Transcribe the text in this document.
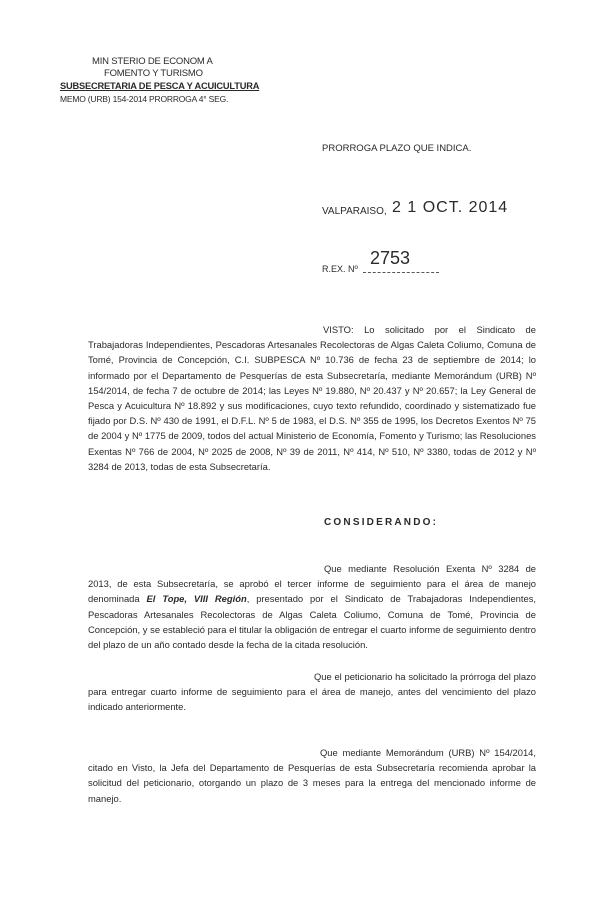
MIN STERIO DE ECONOM A
FOMENTO Y TURISMO
SUBSECRETARIA DE PESCA Y ACUICULTURA
MEMO (URB) 154-2014 PRORROGA 4° SEG.
PRORROGA PLAZO QUE INDICA.
VALPARAISO, 2 1 OCT. 2014
R.EX. Nº
2753
VISTO: Lo solicitado por el Sindicato de Trabajadoras Independientes, Pescadoras Artesanales Recolectoras de Algas Caleta Coliumo, Comuna de Tomé, Provincia de Concepción, C.I. SUBPESCA Nº 10.736 de fecha 23 de septiembre de 2014; lo informado por el Departamento de Pesquerías de esta Subsecretaría, mediante Memorándum (URB) Nº 154/2014, de fecha 7 de octubre de 2014; las Leyes Nº 19.880, Nº 20.437 y Nº 20.657; la Ley General de Pesca y Acuicultura Nº 18.892 y sus modificaciones, cuyo texto refundido, coordinado y sistematizado fue fijado por D.S. Nº 430 de 1991, el D.F.L. Nº 5 de 1983, el D.S. Nº 355 de 1995, los Decretos Exentos Nº 75 de 2004 y Nº 1775 de 2009, todos del actual Ministerio de Economía, Fomento y Turismo; las Resoluciones Exentas Nº 766 de 2004, Nº 2025 de 2008, Nº 39 de 2011, Nº 414, Nº 510, Nº 3380, todas de 2012 y Nº 3284 de 2013, todas de esta Subsecretaría.
CONSIDERANDO:
Que mediante Resolución Exenta Nº 3284 de 2013, de esta Subsecretaría, se aprobó el tercer informe de seguimiento para el área de manejo denominada El Tope, VIII Región, presentado por el Sindicato de Trabajadoras Independientes, Pescadoras Artesanales Recolectoras de Algas Caleta Coliumo, Comuna de Tomé, Provincia de Concepción, y se estableció para el titular la obligación de entregar el cuarto informe de seguimiento dentro del plazo de un año contado desde la fecha de la citada resolución.
Que el peticionario ha solicitado la prórroga del plazo para entregar cuarto informe de seguimiento para el área de manejo, antes del vencimiento del plazo indicado anteriormente.
Que mediante Memorándum (URB) Nº 154/2014, citado en Visto, la Jefa del Departamento de Pesquerías de esta Subsecretaría recomienda aprobar la solicitud del peticionario, otorgando un plazo de 3 meses para la entrega del mencionado informe de manejo.
